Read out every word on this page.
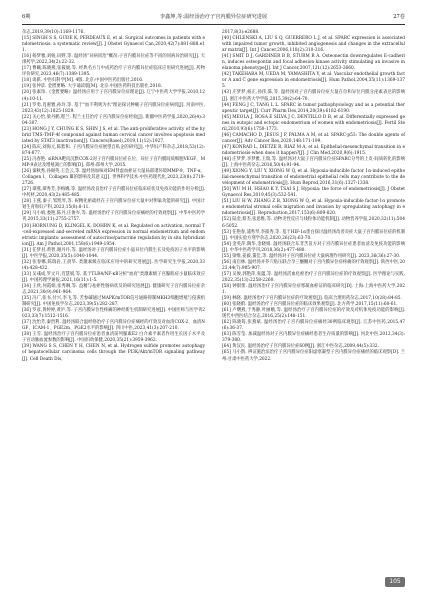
6期	李鑫坤,等:温经汤治疗子宫内膜异位症研究进展	27卷

杂志,2019,39(10):1169-1176.

[15] SINGH S S, GUDE K, PERDEAUX E, et al. Surgical outcomes in patients with endometriosis: a systematic review[J]. J Obstet Gynaecol Can,2020,42(7):881-888.e11.

[16] 杨梦雅,刘杨,田野,等. 温经汤"异病同治"概况:子宫内膜异位症等不同的同病异治研究[J]. 天津药学,2022,34(2):22-32.

[17] 曹曦,陈晓燕,张筱媛,等. 经典名方与中成药治疗子宫内膜异位症临床应用研究进展[J]. 药物评价研究,2023,46(7):1389-1395.

[18] 谈骐. 中医妇科学[M]. 4版. 北京:中国中医药出版社,2016.

[19] 张仲景. 金匮要略. 大字诵读版[M]. 北京:中国医药科技出版社,2018.

[20] 张素珍.《金匮要略》温经汤应用于子宫内膜异位症理论[J]. 辽宁中医药大学学报,2010,12(4):10-11.

[21] 罗勇,肖惠雅,孙玲,等. 基于"血不利则为水"理论探讨肿瘤子宫内膜异位症病机[J]. 河南中医,2023,43(12):1825-1829.

[22] 关心怡,梁丹鹤,程兰. 程兰主任治疗子宫内膜异位症经验[J]. 新疆中医药学报,2020,26(4):304-307.

[23] HONG J Y, CHUNG K S, SHIN J S, et al. The anti-proliferative activity of the hybrid TMS-TMF-4f compound against human cervical cancer involves apoptosis mediated by STAT3 inactivation[J]. Cancers(Basel),2019,11(12):1927.

[24] 陈庆,刘海元,陈紫和. 子宫内膜异位症展望自私企的研究[J]. 中华妇产科杂志,2018,53(12):874-877.

[25] 冯春艳. siRNA靶向沉默COX-2对子宫内膜异位症在位、异位子宫内膜间质细胞VEGF、MMP-9表达及增殖凋亡的影响[D]. 郑州:郑州大学,2015.

[26] 秦秋秀,孙锡英,王会云,等. 温经汤加味对EM肾虚血瘀证大鼠局部诸环境MMP-9、TNF-α、Collagen Ⅰ、Collagen Ⅲ的影响及其意义[J]. 世界科学技术-中医药现代化,2023,23(8):2719-2726.

[27] 谭燕,谭秀芳,李梅娜,等. 温经汤改良治疗子宫内膜异位症临床症状及免疫功能的作用分析[J]. 中药材,2020,43(2):485-485.

[28] 王燕,秦子,邹凯琴,等. 祝精化瘀疏经在子宫内膜异位症大鼠中对卵巢功能的研究[J]. 中国计划生育和妇产科,2023,15(8):8-11.

[29] 马小娟,娄艳,陈丹,庄俊岑,等. 温经汤治疗子宫内膜异位症痛经的疗效观察[J]. 中华中医药学刊,2015,33(11):2755-2757.

[30] HORNUNG D, KLINGEL K, DOHRN K, et al. Regulated on activation, normal T-cell-expressed and-secreted mRNA expression in normal endometrium and endometriotic implants: assessment of autocrine/paracrine regulation by in situ hybridization[J]. Am J Pathol,2001,158(6):1949-1954.

[31] 任梦君,黄智,谢丹丹,等. 温经汤对子宫内膜异位症小鼠异位内膜生长及免疫因子水平的影响[J]. 中医学报,2020,35(5):1040-1044.

[32] 张春娜,陈瑞岩,王晨华. 类激素级在临床应用中的研究进展[J]. 医学研究生学报,2020,33(4):428-432.

[33] 吴彧成,罗文开,肖慧斌,等. 基于TLR4/NF-κB分析"血府"类激素级子宫腺肌症小鼠临床效应[J]. 中国药理学通报,2021,16(11):1-5.

[34] 王欣,何霞娟,张秀琳,等. 益精与祛瘀性肠病状及的研究进展[J]. 健康研究子宫内膜异位症杂志,2021,30(9):961-964.

[35] 冯广,张书,付兴,李飞,等. 苦参碱通过MAPK/mTOR信号通路抑制MKH3细胞增殖与侵袭机制研究[J]. 中国免疫学杂志,2023,39(5):282-287.

[36] 罗彦,黄婷婷,黄庐,等. 子宫内膜异位性疼痛的神经新生机制研究进展[J]. 中国医师与医学刊2023,33(7):1512-1516.

[37] 沈怡芳,秦贵利. 温经汤联合温经络治疗子宫内膜异位症痛经的疗效及对血清COX-2、血清NGF、ICAM-1、PGE2m、PGE2水平的影响[J]. 四川中医,2023,41(3):207-210.

[38] 王雪. 温经汤治疗子宫内膜异位症患者血清前列腺素E2 白介素平素者作用生长因子水平及子宫动脉血流参数的影响[J]. 中国妇幼保健,2020,35(21):3959-3962.

[39] WANG S S, CHEN Y H, CHEN N, et al. Hydrogen sulfide promotes autophagy of hepatocellular carcinoma cells through the PI3K/Akt/mTOR signaling pathway[J]. Cell Death Dis,

2017,8(3):e2688.

[40] CHLENSKI A, LIU S Q, GUERRERO L J, et al. SPARC expression is associated with impaired tumor growth, inhibited angiogenesis and changes in the extracellular matrix[J]. Int J Cancer,2006,118(2):310-316.

[41] SMIT D J, GARDINER B B, STURM R A. Osteonectin downregulates E-cadherin, induces osteopontin and focal adhesion kinase activity stimulating an invasive melanoma phenotype[J]. Int J Cancer,2007,121(12):2653-2660.

[42] TAKEHARA M, UEDA M, YAMASHITA Y, et al. Vascular endothelial growth factor A and C gene expression in endometriosis[J]. Hum Pathol,2004,35(11):1369-1375.

[43] 庄梦梦,杨正,孙伟,陈,等. 温经汤对子宫内膜异位症大鼠在位和异位内膜分泌素表达的影响[J]. 浙江中医药大学学报,2015,39(2):64-70.

[44] FENG J C, TANG L L. SPARC in tumor pathophysiology and as a potential therapeutic target[J]. Curr Pharm Des,2014,20(39):6182-6190.

[45] MEOLA J, ROSA E SILVA J C, DENTILLO D B, et al. Differentially expressed genes in eutopic and ectopic endometrium of women with endometriosis[J]. Fertil Steril,2010,93(6):1750-1773.

[46] CAMACHO D, JESUS J P, PALMA A M, et al. SPARC-p53: The double agents of cancer[J]. Adv Cancer Res,2020,148:171-199.

[47] KONRAD L, DIETZE R, RIAZ M A, et al. Epithelial-mesenchymal transition in endometriosis-when does it happen?[J]. J Clin Med,2020,9(6):1915.

[48] 庄梦梦,李梦雅,王瑞,等. 温经汤对大鼠子宫内膜异位症SPARC分导的上皮-间质转化的影响[J]. 上海中医药杂志,2016,50(4):91-94.

[49] XIONG Y, LIU Y, XIONG W Q, et al. Hypoxia-inducible factor 1α-induced epithelial-mesenchymal transition of endometrial epithelial cells may contribute to the development of endometriosis[J]. Hum Reprod,2016,31(6):1327-1338.

[50] WU M H, HSIAO K Y, TSAI S J. Hypoxia: the force of endometriosis[J]. J Obstet Gynaecol Res,2019,45(3):532-541.

[51] LIU H W, ZHANG Z B, XIONG W Q, et al. Hypoxia-inducible factor-1α promotes endometrial stromal cells migration and invasion by upregulating autophagy in endometriosis[J]. Reproduction,2017,153(6):809-820.

[52] 陆金,蔡杰,张思维,等. 动物炎性反应与线粒体功能机制[J]. 动物营养学报,2020,32(11):5046-5052.

[53] 任艳春,浦秀琴,李筱秀,等. 基于HIF-1α蛋白探讨温经汤改善炎症大鼠子宫内膜异位症的机制[J]. 中国实验方剂学杂志,2020,26(23):63-70.

[54] 金英萍,陶华,金晓娟. 温经汤联合东非苦苗方对子宫内膜异位症患者血清及免疫功能的影响[J]. 中华中医药学刊,2018,36(2):477-480.

[55] 梁维,姜毅,董佳,等. 温经汤对子宫内膜异位症大鼠病理作用研究[J]. 2023,36(36):27-30.

[56] 南启林. 温经汤并芥穴贴压联合孕三醚酮对子宫内膜异位症疼痛的疗效观察[J]. 陕西中医,2023,44(7):905-907.

[57] 吴俊,郭艳萍,张蕴,等. 温经汤活血化瘀治疗子宫内膜异位症的疗效观察[J]. 医学理论与实践,2022,35(13):2258-2260.

[58] 钟甜蕾. 温经汤治疗子宫内膜异位症寒凝血瘀证的临床研究[D]. 上海:上海中医药大学,2021.

[59] 林晓. 温经汤治疗子宫内膜异位症的疗效观察[J]. 临床合理用药杂志,2017,10(28):84-85.

[60] 张晓蔚. 温经汤治疗子宫内膜异位症的临床效果观察[J]. 北方药学,2017,15(11):60-61.

[61] 卢曙燕,于秀静,叶丽娥,等. 温经汤治疗子宫内膜异位症的疗效及对机体免疫功能的影响[J]. 现代中西医结合杂志,2016,25(2):148-151.

[62] 陈晓筠,张燕斌. 温经汤治疗子宫内膜异位症痛经30例临床观察[J]. 江苏中医药,2015,47(6):36-37.

[63] 陈雪莹. 加减温经汤对子宫内膜异位症痛经患者生存质量的影响[J]. 河北中医,2012,34(3):379-380.

[64] 黄汉民. 温经汤治疗子宫内膜异位症60例[J]. 浙江中医杂志,2009,44(5):332.

[65] 马小鹊. 辨证施治法治疗子宫内膜异位症阳虚寒凝型子宫内膜异位症痛经的临床观察[D]. 兰州:甘肃中医药大学,2022.

105
